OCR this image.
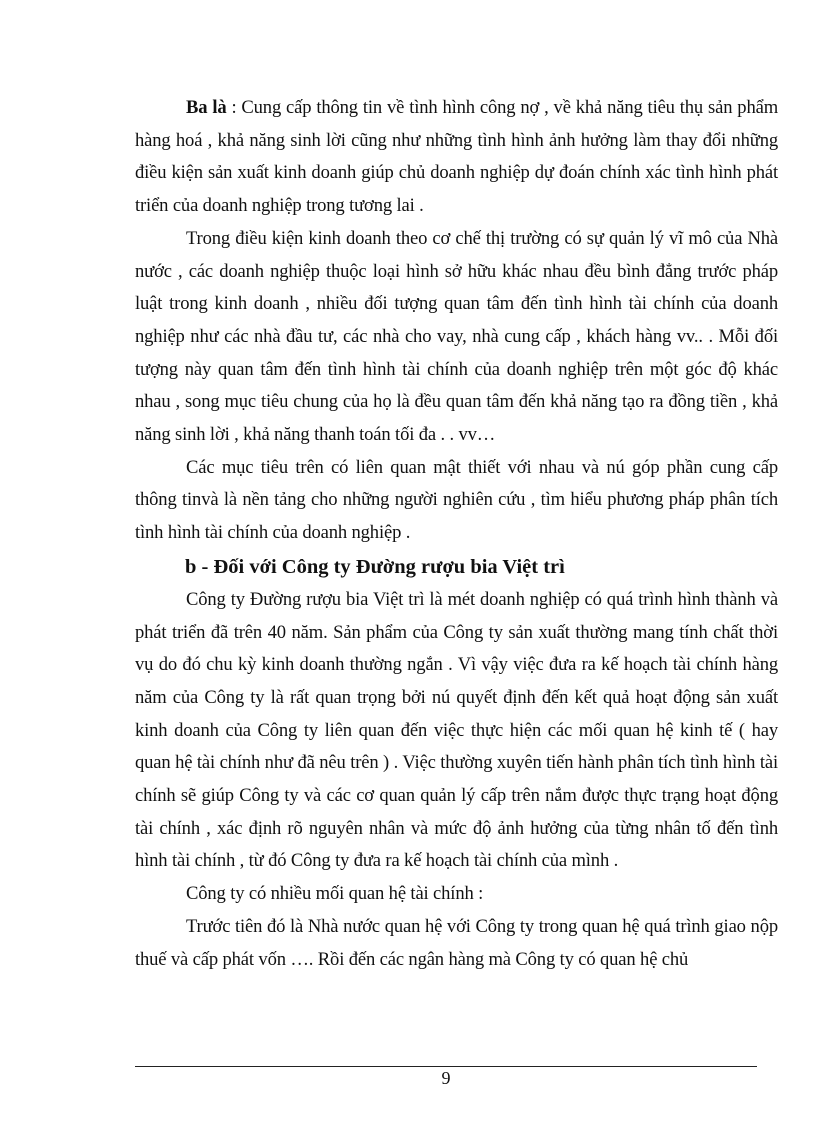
Ba là : Cung cấp thông tin về tình hình công nợ , về khả năng tiêu thụ sản phẩm hàng hoá , khả năng sinh lời cũng như những tình hình ảnh hưởng làm thay đổi những điều kiện sản xuất kinh doanh giúp chủ doanh nghiệp dự đoán chính xác tình hình phát triển của doanh nghiệp trong tương lai .

Trong điều kiện kinh doanh theo cơ chế thị trường có sự quản lý vĩ mô của Nhà nước , các doanh nghiệp thuộc loại hình sở hữu khác nhau đều bình đẳng trước pháp luật trong kinh doanh , nhiều đối tượng quan tâm đến tình hình tài chính của doanh nghiệp như các nhà đầu tư, các nhà cho vay, nhà cung cấp , khách hàng vv.. . Mỗi đối tượng này quan tâm đến tình hình tài chính của doanh nghiệp trên một góc độ khác nhau , song mục tiêu chung của họ là đều quan tâm đến khả năng tạo ra đồng tiền , khả năng sinh lời , khả năng thanh toán tối đa . . vv…

Các mục tiêu trên có liên quan mật thiết với nhau và nú góp phần cung cấp thông tinvà là nền tảng cho những người nghiên cứu , tìm hiểu phương pháp phân tích tình hình tài chính của doanh nghiệp .

b - Đối với Công ty Đường rượu bia Việt trì

Công ty Đường rượu bia Việt trì là mét doanh nghiệp có quá trình hình thành và phát triển đã trên 40 năm. Sản phẩm của Công ty sản xuất thường mang tính chất thời vụ do đó chu kỳ kinh doanh thường ngắn . Vì vậy việc đưa ra kế hoạch tài chính hàng năm của Công ty là rất quan trọng bởi nú quyết định đến kết quả hoạt động sản xuất kinh doanh của Công ty liên quan đến việc thực hiện các mối quan hệ kinh tế ( hay quan hệ tài chính như đã nêu trên ) . Việc thường xuyên tiến hành phân tích tình hình tài chính sẽ giúp Công ty và các cơ quan quản lý cấp trên nắm được thực trạng hoạt động tài chính , xác định rõ nguyên nhân và mức độ ảnh hưởng của từng nhân tố đến tình hình tài chính , từ đó Công ty đưa ra kế hoạch tài chính của mình .

Công ty có nhiều mối quan hệ tài chính :

Trước tiên đó là Nhà nước quan hệ với Công ty trong quan hệ quá trình giao nộp thuế và cấp phát vốn …. Rồi đến các ngân hàng mà Công ty có quan hệ chủ

9
